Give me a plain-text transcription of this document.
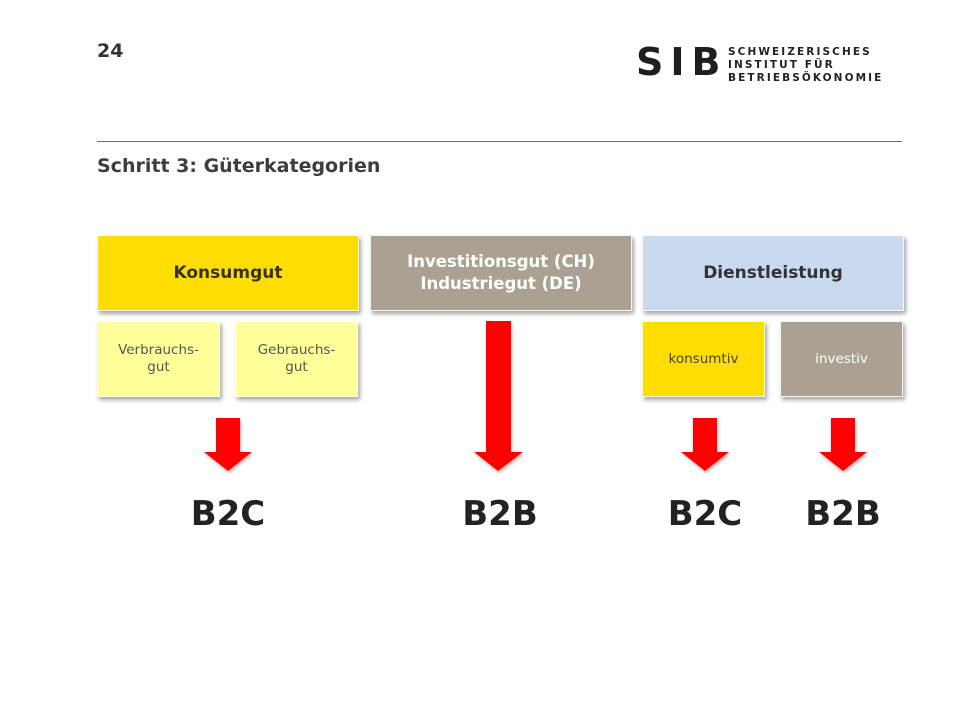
24	SIB SCHWEIZERISCHES
INSTITUT FÜR
BETRIEBSÖKONOMIE
Schritt 3: Güterkategorien
Konsumgut
Investitionsgut (CH)
Industriegut (DE)
Dienstleistung
Verbrauchs-
gut
Gebrauchs-
gut
konsumtiv	investiv
B2C	B2B	B2C	B2B
